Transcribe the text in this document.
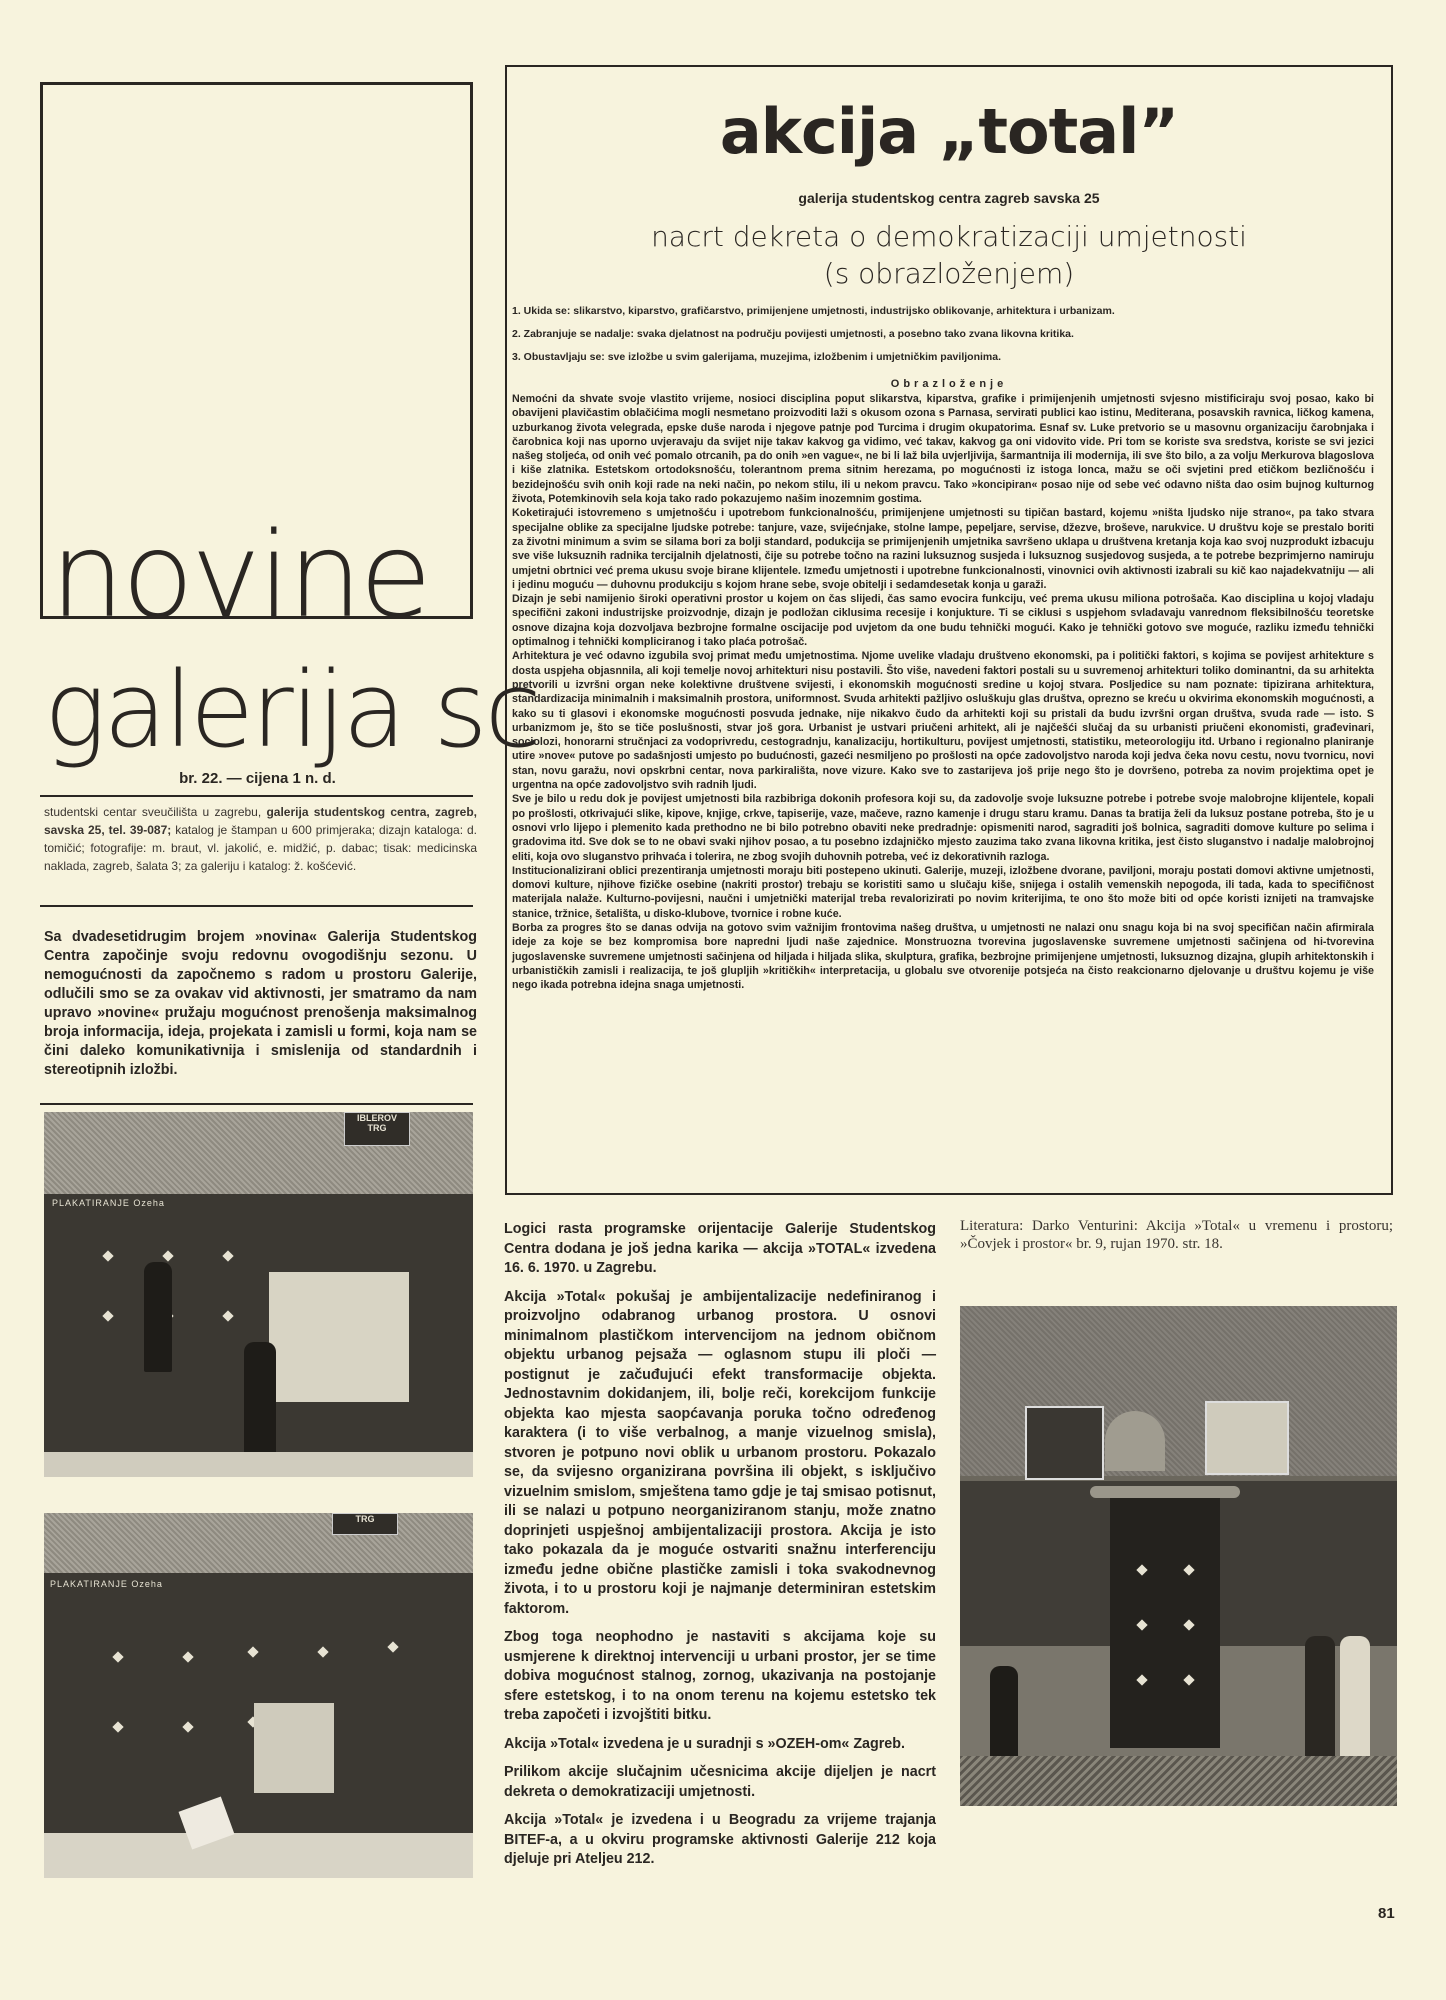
novine
galerija sc
br. 22. — cijena 1 n. d.
studentski centar sveučilišta u zagrebu, galerija studentskog centra, zagreb, savska 25, tel. 39-087; katalog je štampan u 600 primjeraka; dizajn kataloga: d. tomičić; fotografije: m. braut, vl. jakolić, e. midžić, p. dabac; tisak: medicinska naklada, zagreb, šalata 3; za galeriju i katalog: ž. košćević.
Sa dvadesetidrugim brojem »novina« Galerija Studentskog Centra započinje svoju redovnu ovogodišnju sezonu. U nemogućnosti da započnemo s radom u prostoru Galerije, odlučili smo se za ovakav vid aktivnosti, jer smatramo da nam upravo »novine« pružaju mogućnost prenošenja maksimalnog broja informacija, ideja, projekata i zamisli u formi, koja nam se čini daleko komunikativnija i smislenija od standardnih i stereotipnih izložbi.
IBLEROV
TRG
PLAKATIRANJE Ozeha
TRG
PLAKATIRANJE Ozeha
akcija „total”
galerija studentskog centra zagreb savska 25
nacrt dekreta o demokratizaciji umjetnosti
(s obrazloženjem)
1. Ukida se: slikarstvo, kiparstvo, grafičarstvo, primijenjene umjetnosti, industrijsko oblikovanje, arhitektura i urbanizam.
2. Zabranjuje se nadalje: svaka djelatnost na području povijesti umjetnosti, a posebno tako zvana likovna kritika.
3. Obustavljaju se: sve izložbe u svim galerijama, muzejima, izložbenim i umjetničkim paviljonima.
Obrazloženje

Nemoćni da shvate svoje vlastito vrijeme, nosioci disciplina poput slikarstva, kiparstva, grafike i primijenjenih umjetnosti svjesno mistificiraju svoj posao, kako bi obavijeni plavičastim oblačićima mogli nesmetano proizvoditi laži s okusom ozona s Parnasa, servirati publici kao istinu, Mediterana, posavskih ravnica, ličkog kamena, uzburkanog života velegrada, epske duše naroda i njegove patnje pod Turcima i drugim okupatorima. Esnaf sv. Luke pretvorio se u masovnu organizaciju čarobnjaka i čarobnica koji nas uporno uvjeravaju da svijet nije takav kakvog ga vidimo, već takav, kakvog ga oni vidovito vide. Pri tom se koriste sva sredstva, koriste se svi jezici našeg stoljeća, od onih već pomalo otrcanih, pa do onih »en vague«, ne bi li laž bila uvjerljivija, šarmantnija ili modernija, ili sve što bilo, a za volju Merkurova blagoslova i kiše zlatnika. Estetskom ortodoksnošću, tolerantnom prema sitnim herezama, po mogućnosti iz istoga lonca, mažu se oči svjetini pred etičkom bezličnošću i bezidejnošću svih onih koji rade na neki način, po nekom stilu, ili u nekom pravcu. Tako »koncipiran« posao nije od sebe već odavno ništa dao osim bujnog kulturnog života, Potemkinovih sela koja tako rado pokazujemo našim inozemnim gostima.

Koketirajući istovremeno s umjetnošću i upotrebom funkcionalnošću, primijenjene umjetnosti su tipičan bastard, kojemu »ništa ljudsko nije strano«, pa tako stvara specijalne oblike za specijalne ljudske potrebe: tanjure, vaze, svijećnjake, stolne lampe, pepeljare, servise, džezve, broševe, narukvice. U društvu koje se prestalo boriti za životni minimum a svim se silama bori za bolji standard, podukcija se primijenjenih umjetnika savršeno uklapa u društvena kretanja koja kao svoj nuzprodukt izbacuju sve više luksuznih radnika tercijalnih djelatnosti, čije su potrebe točno na razini luksuznog susjeda i luksuznog susjedovog susjeda, a te potrebe bezprimjerno namiruju umjetni obrtnici već prema ukusu svoje birane klijentele. Između umjetnosti i upotrebne funkcionalnosti, vinovnici ovih aktivnosti izabrali su kič kao najadekvatniju — ali i jedinu moguću — duhovnu produkciju s kojom hrane sebe, svoje obitelji i sedamdesetak konja u garaži.

Dizajn je sebi namijenio široki operativni prostor u kojem on čas slijedi, čas samo evocira funkciju, već prema ukusu miliona potrošača. Kao disciplina u kojoj vladaju specifični zakoni industrijske proizvodnje, dizajn je podložan ciklusima recesije i konjukture. Ti se ciklusi s uspjehom svladavaju vanrednom fleksibilnošću teoretske osnove dizajna koja dozvoljava bezbrojne formalne oscijacije pod uvjetom da one budu tehnički mogući. Kako je tehnički gotovo sve moguće, razliku između tehnički optimalnog i tehnički kompliciranog i tako plaća potrošač.

Arhitektura je već odavno izgubila svoj primat među umjetnostima. Njome uvelike vladaju društveno ekonomski, pa i politički faktori, s kojima se povijest arhitekture s dosta uspjeha objasnnila, ali koji temelje novoj arhitekturi nisu postavili. Što više, navedeni faktori postali su u suvremenoj arhitekturi toliko dominantni, da su arhitekta pretvorili u izvršni organ neke kolektivne društvene svijesti, i ekonomskih mogućnosti sredine u kojoj stvara. Posljedice su nam poznate: tipizirana arhitektura, standardizacija minimalnih i maksimalnih prostora, uniformnost. Svuda arhitekti pažljivo osluškuju glas društva, oprezno se kreću u okvirima ekonomskih mogućnosti, a kako su ti glasovi i ekonomske mogućnosti posvuda jednake, nije nikakvo čudo da arhitekti koji su pristali da budu izvršni organ društva, svuda rade — isto. S urbanizmom je, što se tiče poslušnosti, stvar još gora. Urbanist je ustvari priučeni arhitekt, ali je najčešći slučaj da su urbanisti priučeni ekonomisti, građevinari, sociolozi, honorarni stručnjaci za vodoprivredu, cestogradnju, kanalizaciju, hortikulturu, povijest umjetnosti, statistiku, meteorologiju itd. Urbano i regionalno planiranje utire »nove« putove po sadašnjosti umjesto po budućnosti, gazeći nesmiljeno po prošlosti na opće zadovoljstvo naroda koji jedva čeka novu cestu, novu tvornicu, novi stan, novu garažu, novi opskrbni centar, nova parkirališta, nove vizure. Kako sve to zastarijeva još prije nego što je dovršeno, potreba za novim projektima opet je urgentna na opće zadovoljstvo svih radnih ljudi.

Sve je bilo u redu dok je povijest umjetnosti bila razbibriga dokonih profesora koji su, da zadovolje svoje luksuzne potrebe i potrebe svoje malobrojne klijentele, kopali po prošlosti, otkrivajući slike, kipove, knjige, crkve, tapiserije, vaze, mačeve, razno kamenje i drugu staru kramu. Danas ta bratija želi da luksuz postane potreba, što je u osnovi vrlo lijepo i plemenito kada prethodno ne bi bilo potrebno obaviti neke predradnje: opismeniti narod, sagraditi još bolnica, sagraditi domove kulture po selima i gradovima itd. Sve dok se to ne obavi svaki njihov posao, a tu posebno izdajničko mjesto zauzima tako zvana likovna kritika, jest čisto sluganstvo i nadalje malobrojnoj eliti, koja ovo sluganstvo prihvaća i tolerira, ne zbog svojih duhovnih potreba, već iz dekorativnih razloga.

Institucionalizirani oblici prezentiranja umjetnosti moraju biti postepeno ukinuti. Galerije, muzeji, izložbene dvorane, paviljoni, moraju postati domovi aktivne umjetnosti, domovi kulture, njihove fizičke osebine (nakriti prostor) trebaju se koristiti samo u slučaju kiše, snijega i ostalih vemenskih nepogoda, ili tada, kada to specifičnost materijala nalaže. Kulturno-povijesni, naučni i umjetnički materijal treba revalorizirati po novim kriterijima, te ono što može biti od opće koristi iznijeti na tramvajske stanice, tržnice, šetališta, u disko-klubove, tvornice i robne kuće.

Borba za progres što se danas odvija na gotovo svim važnijim frontovima našeg društva, u umjetnosti ne nalazi onu snagu koja bi na svoj specifičan način afirmirala ideje za koje se bez kompromisa bore napredni ljudi naše zajednice. Monstruozna tvorevina jugoslavenske suvremene umjetnosti sačinjena od hi-tvorevina jugoslavenske suvremene umjetnosti sačinjena od hiljada i hiljada slika, skulptura, grafika, bezbrojne primijenjene umjetnosti, luksuznog dizajna, glupih arhitektonskih i urbanističkih zamisli i realizacija, te još glupljih »kritičkih« interpretacija, u globalu sve otvorenije potsjeća na čisto reakcionarno djelovanje u društvu kojemu je više nego ikada potrebna idejna snaga umjetnosti.

Logici rasta programske orijentacije Galerije Studentskog Centra dodana je još jedna karika — akcija »TOTAL« izvedena 16. 6. 1970. u Zagrebu.

Akcija »Total« pokušaj je ambijentalizacije nedefiniranog i proizvoljno odabranog urbanog prostora. U osnovi minimalnom plastičkom intervencijom na jednom običnom objektu urbanog pejsaža — oglasnom stupu ili ploči — postignut je začuđujući efekt transformacije objekta. Jednostavnim dokidanjem, ili, bolje reči, korekcijom funkcije objekta kao mjesta saopćavanja poruka točno određenog karaktera (i to više verbalnog, a manje vizuelnog smisla), stvoren je potpuno novi oblik u urbanom prostoru. Pokazalo se, da svijesno organizirana površina ili objekt, s isključivo vizuelnim smislom, smještena tamo gdje je taj smisao potisnut, ili se nalazi u potpuno neorganiziranom stanju, može znatno doprinjeti uspješnoj ambijentalizaciji prostora. Akcija je isto tako pokazala da je moguće ostvariti snažnu interferenciju između jedne obične plastičke zamisli i toka svakodnevnog života, i to u prostoru koji je najmanje determiniran estetskim faktorom.

Zbog toga neophodno je nastaviti s akcijama koje su usmjerene k direktnoj intervenciji u urbani prostor, jer se time dobiva mogućnost stalnog, zornog, ukazivanja na postojanje sfere estetskog, i to na onom terenu na kojemu estetsko tek treba započeti i izvojštiti bitku.

Akcija »Total« izvedena je u suradnji s »OZEH-om« Zagreb.

Prilikom akcije slučajnim učesnicima akcije dijeljen je nacrt dekreta o demokratizaciji umjetnosti.

Akcija »Total« je izvedena i u Beogradu za vrijeme trajanja BITEF-a, a u okviru programske aktivnosti Galerije 212 koja djeluje pri Ateljeu 212.

Literatura: Darko Venturini: Akcija »Total« u vremenu i prostoru; »Čovjek i prostor« br. 9, rujan 1970. str. 18.
81
